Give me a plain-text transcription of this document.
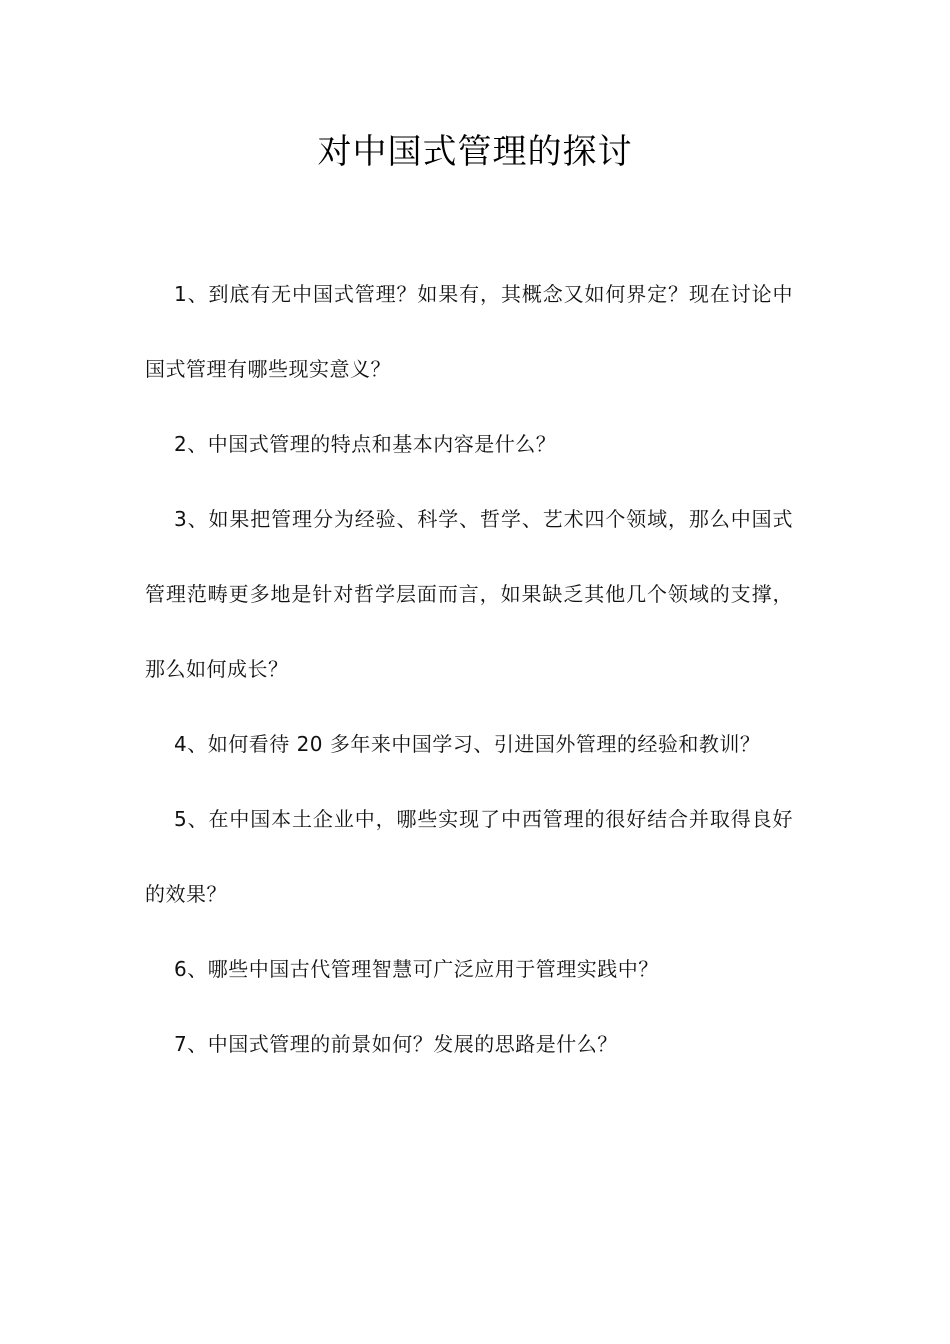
对中国式管理的探讨

1、到底有无中国式管理？如果有，其概念又如何界定？现在讨论中国式管理有哪些现实意义？

2、中国式管理的特点和基本内容是什么？

3、如果把管理分为经验、科学、哲学、艺术四个领域，那么中国式管理范畴更多地是针对哲学层面而言，如果缺乏其他几个领域的支撑，那么如何成长？

4、如何看待 20 多年来中国学习、引进国外管理的经验和教训？

5、在中国本土企业中，哪些实现了中西管理的很好结合并取得良好的效果？

6、哪些中国古代管理智慧可广泛应用于管理实践中？

7、中国式管理的前景如何？发展的思路是什么？
